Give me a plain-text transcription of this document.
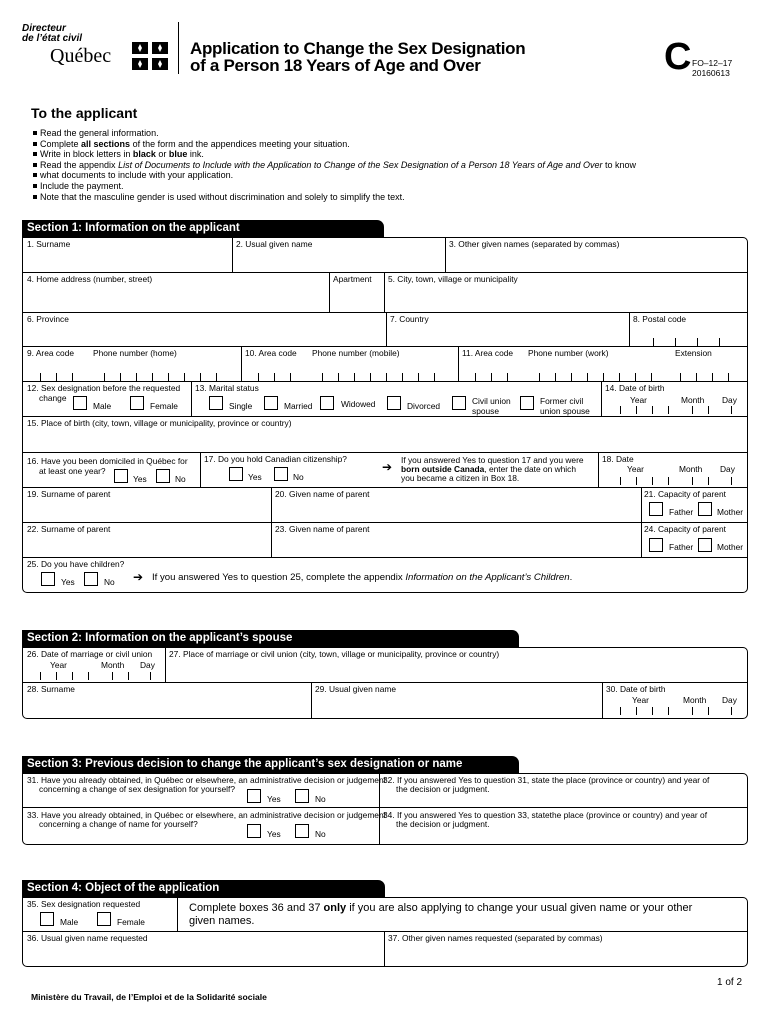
Directeur
de l’état civil
Québec	Application to Change the Sex Designation
of a Person 18 Years of Age and Over	C FO–12–17
20160613
To the applicant
Read the general information.
Complete all sections of the form and the appendices meeting your situation.
Write in block letters in black or blue ink.
Read the appendix List of Documents to Include with the Application to Change of the Sex Designation of a Person 18 Years of Age and Over to know
what documents to include with your application.
Include the payment.
Note that the masculine gender is used without discrimination and solely to simplify the text.
Section 1: Information on the applicant
1. Surname	2. Usual given name	3. Other given names (separated by commas)
4. Home address (number, street)	Apartment 5. City, town, village or municipality
6. Province	7. Country	8. Postal code
9. Area code Phone number (home)	10. Area code Phone number (mobile)	11. Area code Phone number (work)	Extension
12. Sex designation before the requested
change
Male	Female
13. Marital status
Single	Married	Widowed	Divorced	Civil union
spouse
Former civil
union spouse
14. Date of birth
Year	Month Day
15. Place of birth (city, town, village or municipality, province or country)
16. Have you been domiciled in Québec for
at least one year?
Yes	No
17. Do you hold Canadian citizenship?
Yes	No
➔ If you answered Yes to question 17 and you were
born outside Canada, enter the date on which
you became a citizen in Box 18.
18. Date
Year	Month Day
19. Surname of parent	20. Given name of parent	21. Capacity of parent
Father	Mother
22. Surname of parent	23. Given name of parent	24. Capacity of parent
Father	Mother
25. Do you have children?
Yes	No ➔ If you answered Yes to question 25, complete the appendix Information on the Applicant’s Children.
Section 2: Information on the applicant’s spouse
26. Date of marriage or civil union
Year	Month Day
27. Place of marriage or civil union (city, town, village or municipality, province or country)
28. Surname	29. Usual given name	30. Date of birth
Year	Month Day
Section 3: Previous decision to change the applicant’s sex designation or name
31. Have you already obtained, in Québec or elsewhere, an administrative decision or judgement
concerning a change of sex designation for yourself?
Yes	No
32. If you answered Yes to question 31, state the place (province or country) and year of
the decision or judgment.
33. Have you already obtained, in Québec or elsewhere, an administrative decision or judgement
concerning a change of name for yourself?
Yes	No
34. If you answered Yes to question 33, statethe place (province or country) and year of
the decision or judgment.
Section 4: Object of the application
35. Sex designation requested
Male	Female
Complete boxes 36 and 37 only if you are also applying to change your usual given name or your other
given names.
36. Usual given name requested	37. Other given names requested (separated by commas)
1 of 2
Ministère du Travail, de l’Emploi et de la Solidarité sociale
